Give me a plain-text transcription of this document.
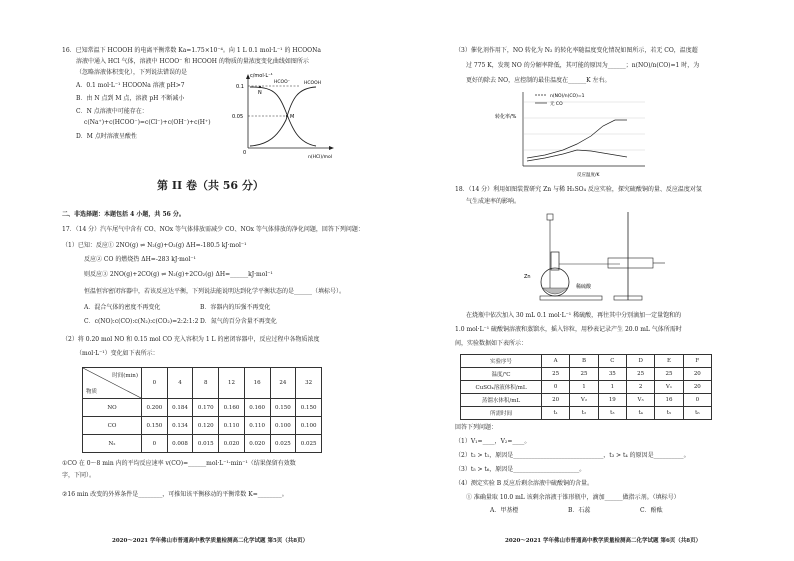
16．已知常温下 HCOOH 的电离平衡常数 Ka=1.75×10⁻⁴。向 1 L 0.1 mol·L⁻¹ 的 HCOONa
溶液中通入 HCl 气体，溶液中 HCOO⁻ 和 HCOOH 的物质的量浓度变化曲线如图所示
（忽略溶液体积变化），下列说法错误的是
A．0.1 mol·L⁻¹ HCOONa 溶液 pH>7
B．由 N 点到 M 点，溶液 pH 不断减小
C．N 点溶液中可能存在：
c(Na⁺)+c(HCOO⁻)=c(Cl⁻)+c(OH⁻)+c(H⁺)
D．M 点时溶液呈酸性
c/mol·L⁻¹
0.1
0.05
0
N
M
HCOO⁻	HCOOH
n(HCl)/mol
第 II 卷（共 56 分）
二、非选择题：本题包括 4 小题，共 56 分。
17．（14 分）汽车尾气中含有 CO、NOx 等气体排放需减少 CO、NOx 等气体排放的净化问题，回答下列问题：
（1）已知：反应① 2NO(g) ⇌ N₂(g)+O₂(g) ΔH=-180.5 kJ·mol⁻¹
反应② CO 的燃烧热 ΔH=-283 kJ·mol⁻¹
则反应③ 2NO(g)+2CO(g) ⇌ N₂(g)+2CO₂(g) ΔH=______kJ·mol⁻¹
恒温恒容密闭容器中，若该反应达平衡，下列说法能说明达到化学平衡状态的是______（填标号）。
A．混合气体的密度不再变化	B．容器内的压强不再变化
C．c(NO):c(CO):c(N₂):c(CO₂)=2:2:1:2 D．氮气的百分含量不再变化
（2）将 0.20 mol NO 和 0.15 mol CO 充入容积为 1 L 的密闭容器中，反应过程中各物质浓度
（mol·L⁻¹）变化如下表所示：
时间(min)
物质	0	4	8	12	16	24	32
NO	0.200	0.184	0.170	0.160	0.160	0.150	0.150
CO	0.150	0.134	0.120	0.110	0.110	0.100	0.100
N₂	0	0.008	0.015	0.020	0.020	0.025	0.025
①CO 在 0～8 min 内的平均反应速率 v(CO)=______mol·L⁻¹·min⁻¹（结果保留有效数
字，下同）。
②16 min 改变的外界条件是________，可推知该平衡移动的平衡常数 K=________。
2020～2021 学年佛山市普通高中教学质量检测高二化学试题 第5页（共8页）
（3）催化剂作用下，NO 转化为 N₂ 的转化率随温度变化情况如图所示，若无 CO，温度超
过 775 K，发现 NO 的分解率降低，其可能的原因为______；n(NO)/n(CO)=1 时，为
更好的除去 NO，应控制的最佳温度在______K 左右。
转化率/%
n(NO)/n(CO)=1
无 CO
反应温度/K
18．（14 分）利用如图装置研究 Zn 与稀 H₂SO₄ 反应实验，探究硫酸铜的量、反应温度对氢
气生成速率的影响。
Zn
稀硫酸
在烧瓶中依次加入 30 mL 0.1 mol·L⁻¹ 稀硫酸，再往其中分别滴加一定量饱和的
1.0 mol·L⁻¹ 硫酸铜溶液和蒸馏水，摇入锌粒，用秒表记录产生 20.0 mL 气体所需时
间，实验数据如下表所示：
实验序号	A	B	C	D	E	F
温度/℃	25	25	35	25	25	20
CuSO₄溶液体积/mL	0	1	1	2	V₁	20
蒸馏水体积/mL	20	V₂	19	V₃	16	0
所需时间	t₁	t₂	t₃	t₄	t₅	t₆
回答下列问题：
（1）V₁=____，V₂=____。
（2）t₂ > t₁，原因是______________________________，t₃ > t₄ 的原因是__________。
（3）t₅ > t₆，原因是______________________。
（4）测定实验 B 反应后剩余溶液中硫酸铜的含量。
① 准确量取 10.0 mL 该剩余溶液于锥形瓶中，滴加______做指示剂。（填标号）
A．甲基橙	B．石蕊	C．酚酞
2020～2021 学年佛山市普通高中教学质量检测高二化学试题 第6页（共8页）
